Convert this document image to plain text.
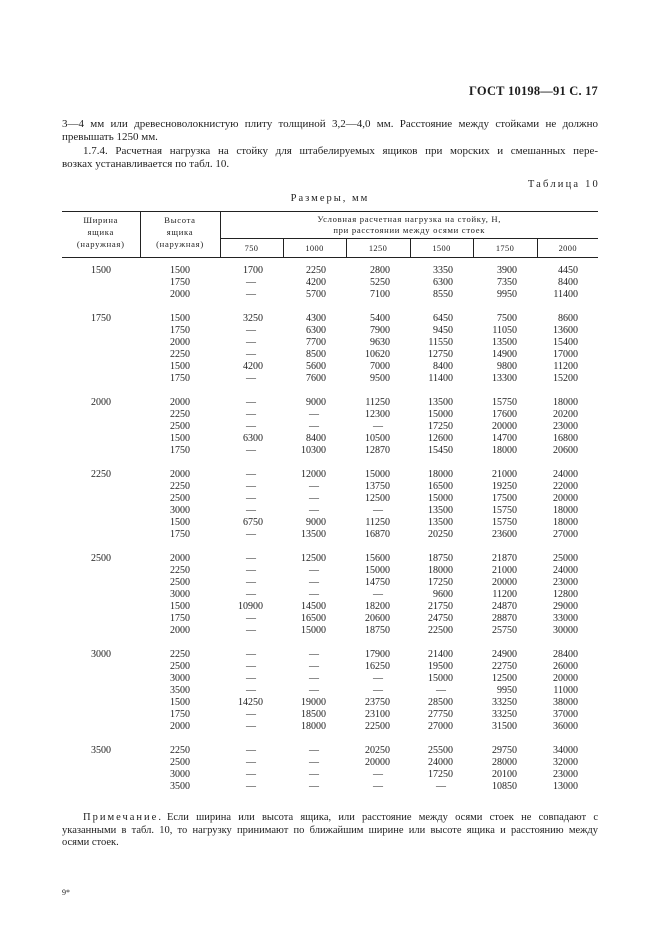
ГОСТ 10198—91 С. 17
3—4 мм или древесноволокнистую плиту толщиной 3,2—4,0 мм. Расстояние между стойками не должно
превышать 1250 мм.
1.7.4. Расчетная нагрузка на стойку для штабелируемых ящиков при морских и смешанных пере-
возках устанавливается по табл. 10.
Таблица 10
Размеры, мм
Ширина
ящика
(наружная)	Высота
ящика
(наружная)	Условная расчетная нагрузка на стойку, Н,
при расстоянии между осями стоек					
		750	1000	1250	1500	1750	2000

1500	1500	1700	2250	2800	3350	3900	4450
	1750	—	4200	5250	6300	7350	8400
	2000	—	5700	7100	8550	9950	11400

1750	1500	3250	4300	5400	6450	7500	8600
	1750	—	6300	7900	9450	11050	13600
	2000	—	7700	9630	11550	13500	15400
	2250	—	8500	10620	12750	14900	17000
	1500	4200	5600	7000	8400	9800	11200
	1750	—	7600	9500	11400	13300	15200

2000	2000	—	9000	11250	13500	15750	18000
	2250	—	—	12300	15000	17600	20200
	2500	—	—	—	17250	20000	23000
	1500	6300	8400	10500	12600	14700	16800
	1750	—	10300	12870	15450	18000	20600

2250	2000	—	12000	15000	18000	21000	24000
	2250	—	—	13750	16500	19250	22000
	2500	—	—	12500	15000	17500	20000
	3000	—	—	—	13500	15750	18000
	1500	6750	9000	11250	13500	15750	18000
	1750	—	13500	16870	20250	23600	27000

2500	2000	—	12500	15600	18750	21870	25000
	2250	—	—	15000	18000	21000	24000
	2500	—	—	14750	17250	20000	23000
	3000	—	—	—	9600	11200	12800
	1500	10900	14500	18200	21750	24870	29000
	1750	—	16500	20600	24750	28870	33000
	2000	—	15000	18750	22500	25750	30000

3000	2250	—	—	17900	21400	24900	28400
	2500	—	—	16250	19500	22750	26000
	3000	—	—	—	15000	12500	20000
	3500	—	—	—	—	9950	11000
	1500	14250	19000	23750	28500	33250	38000
	1750	—	18500	23100	27750	33250	37000
	2000	—	18000	22500	27000	31500	36000

3500	2250	—	—	20250	25500	29750	34000
	2500	—	—	20000	24000	28000	32000
	3000	—	—	—	17250	20100	23000
	3500	—	—	—	—	10850	13000
Примечание. Если ширина или высота ящика, или расстояние между осями стоек не совпадают с
указанными в табл. 10, то нагрузку принимают по ближайшим ширине или высоте ящика и расстоянию между
осями стоек.
9*
